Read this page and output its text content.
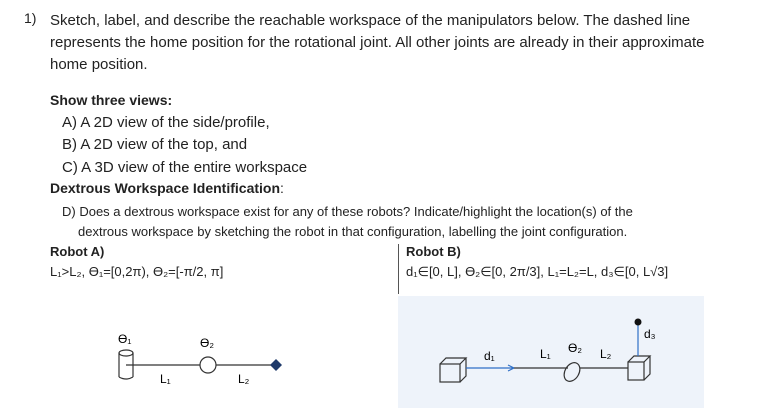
1) Sketch, label, and describe the reachable workspace of the manipulators below. The dashed line represents the home position for the rotational joint. All other joints are already in their approximate home position.
Show three views:
A) A 2D view of the side/profile,
B) A 2D view of the top, and
C) A 3D view of the entire workspace
Dextrous Workspace Identification:
D) Does a dextrous workspace exist for any of these robots? Indicate/highlight the location(s) of the
dextrous workspace by sketching the robot in that configuration, labelling the joint configuration.
Robot A)
L₁>L₂, ϴ₁=[0,2π), ϴ₂=[-π/2, π]
Robot B)
d₁∈[0, L], ϴ₂∈[0, 2π/3], L₁=L₂=L, d₃∈[0, L√3]
ϴ₁
L₁
ϴ₂
L₂
d₁	L₁ ϴ₂ L₂
d₃
